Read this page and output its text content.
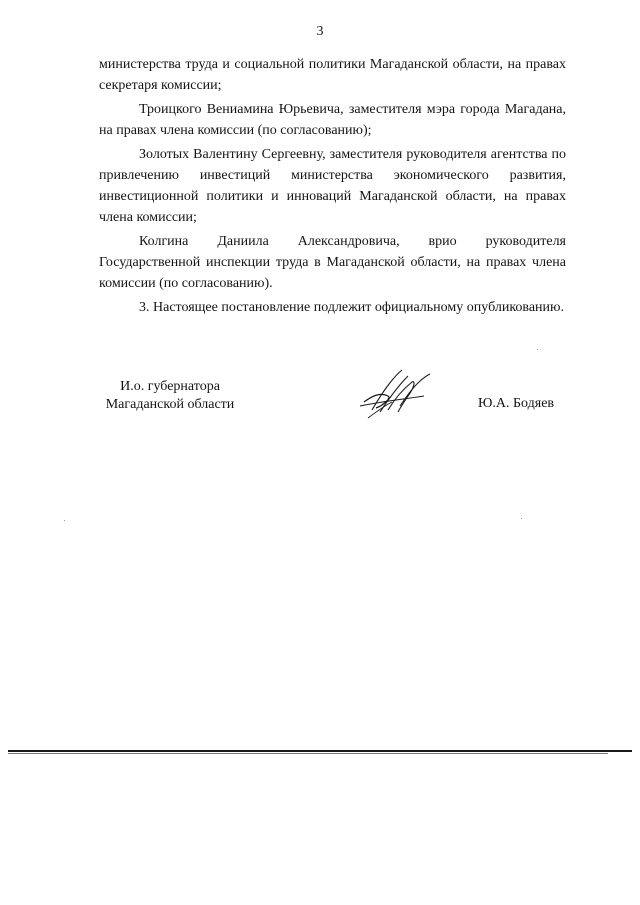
3

министерства труда и социальной политики Магаданской области, на правах секретаря комиссии;

Троицкого Вениамина Юрьевича, заместителя мэра города Магадана, на правах члена комиссии (по согласованию);

Золотых Валентину Сергеевну, заместителя руководителя агентства по привлечению инвестиций министерства экономического развития, инвестиционной политики и инноваций Магаданской области, на правах члена комиссии;

Колгина Даниила Александровича, врио руководителя Государственной инспекции труда в Магаданской области, на правах члена комиссии (по согласованию).

3. Настоящее постановление подлежит официальному опубликованию.

И.о. губернатора
Магаданской области	Ю.А. Бодяев
